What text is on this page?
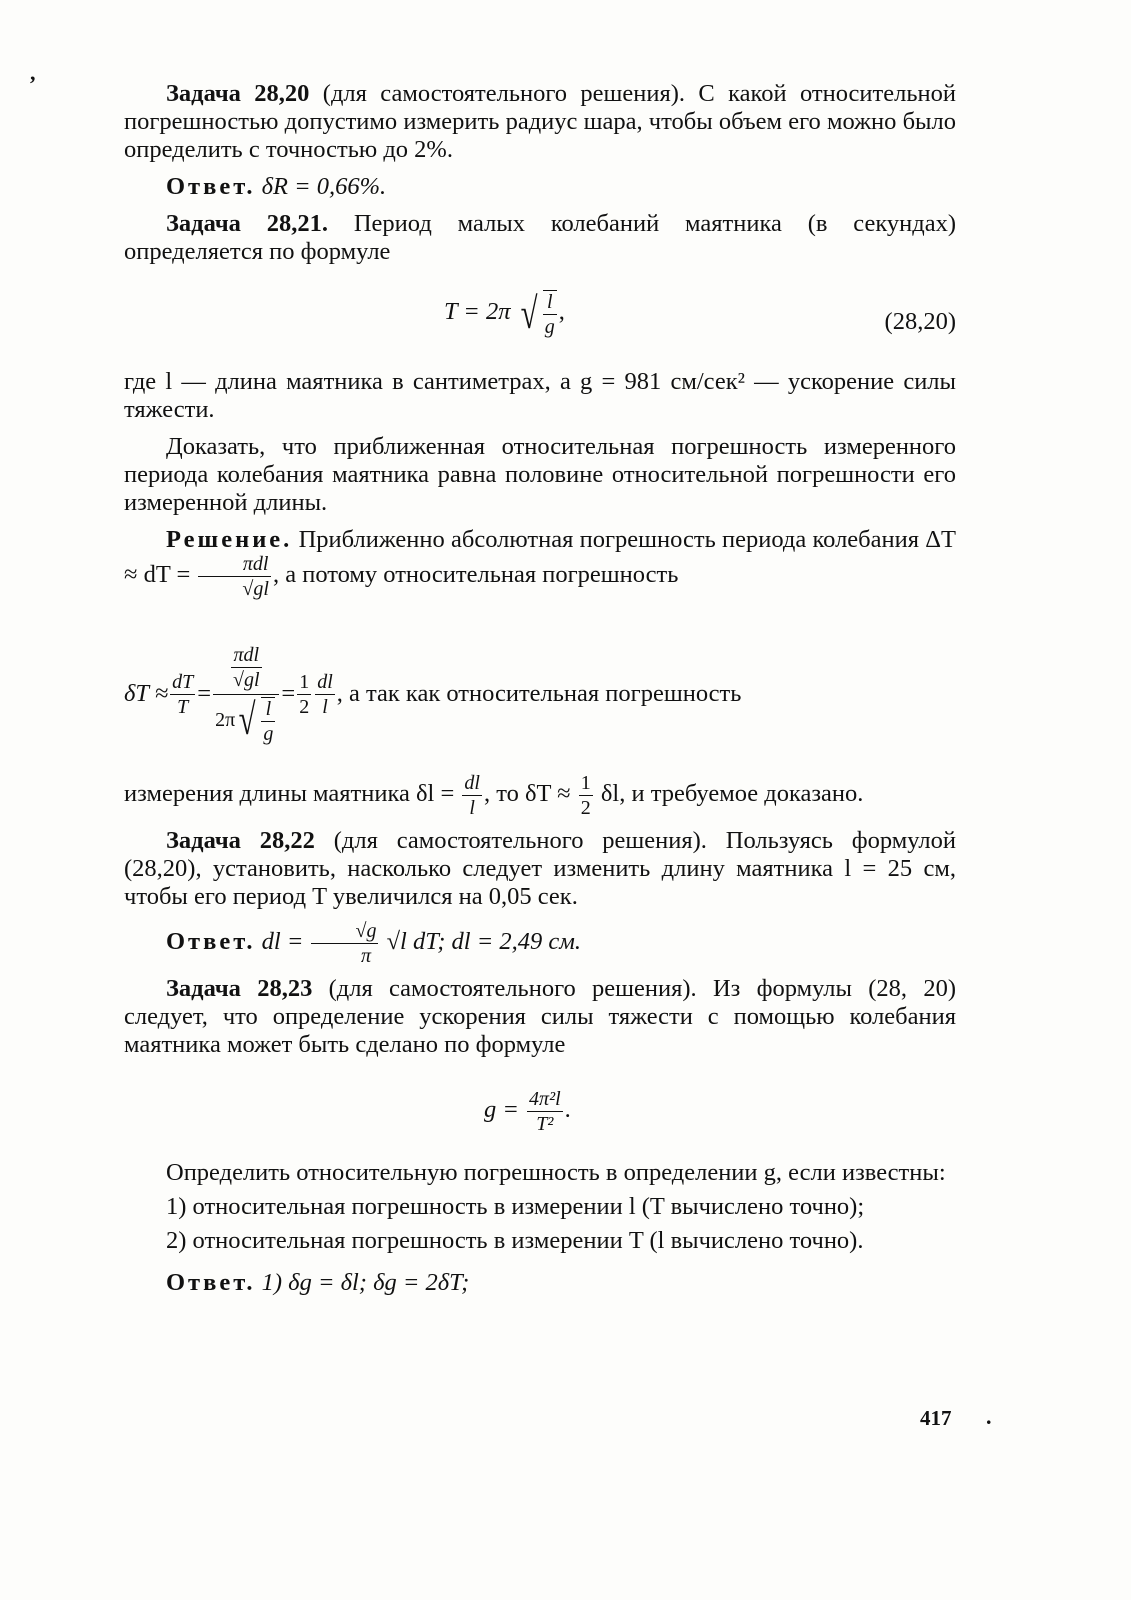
,

Задача 28,20 (для самостоятельного решения). С какой относительной погрешностью допустимо измерить радиус шара, чтобы объем его можно было определить с точностью до 2%.

Ответ. δR = 0,66%.

Задача 28,21. Период малых колебаний маятника (в секундах) определяется по формуле

T = 2π √ $\frac{l}{g}$ ,	(28,20)

где l — длина маятника в сантиметрах, а g = 981 см/сек² — ускорение силы тяжести.

Доказать, что приближенная относительная погрешность измеренного периода колебания маятника равна половине относительной погрешности его измеренной длины.

Решение. Приближенно абсолютная погрешность периода колебания ΔT ≈ dT = $\frac{\text{πdl}}{√gl}$ , а потому относительная погрешность

$\delta T \approx \frac{dT}{T} = \frac{\frac{\text{πdl}}{√gl}}{2\pi√ \frac{l}{g}} = \frac{1}{2} \frac{dl}{l}$ , а так как относительная погрешность

измерения длины маятника $\delta l = \frac{dl}{l}$ , то $\delta T \approx \frac{1}{2} \delta l$, и требуемое доказано.

Задача 28,22 (для самостоятельного решения). Пользуясь формулой (28,20), установить, насколько следует изменить длину маятника l = 25 см, чтобы его период T увеличился на 0,05 сек.

Ответ. dl = $\frac{√g}{\pi} √l$ dT; dl = 2,49 см.

Задача 28,23 (для самостоятельного решения). Из формулы (28, 20) следует, что определение ускорения силы тяжести с помощью колебания маятника может быть сделано по формуле

$g = \frac{\text{4π²l}}{\text{T²}}$ .

Определить относительную погрешность в определении g, если известны:

1) относительная погрешность в измерении l (T вычислено точно);

2) относительная погрешность в измерении T (l вычислено точно).

Ответ. 1) δg = δl; δg = 2δT;

417 .
